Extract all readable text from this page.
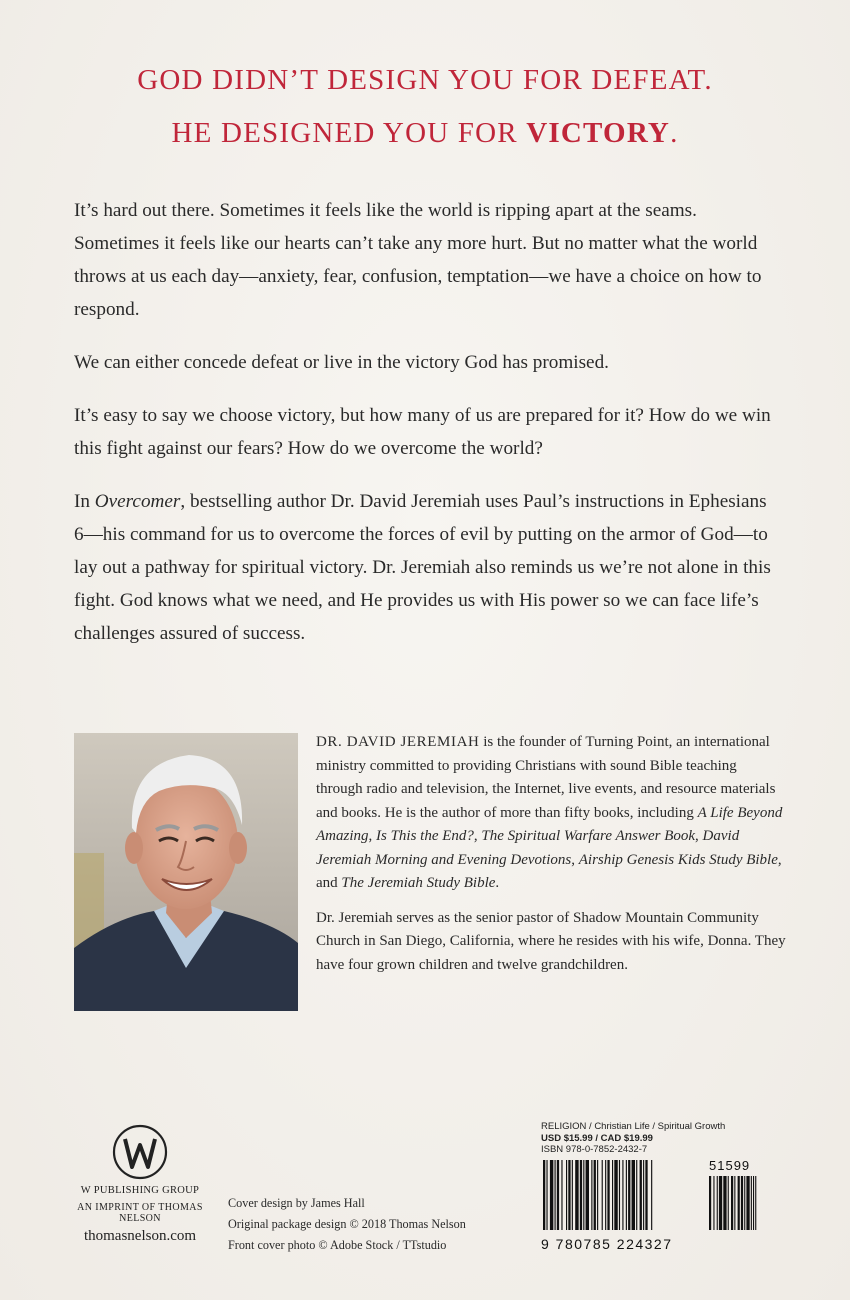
GOD DIDN’T DESIGN YOU FOR DEFEAT.
HE DESIGNED YOU FOR VICTORY.

It’s hard out there. Sometimes it feels like the world is ripping apart at the seams. Sometimes it feels like our hearts can’t take any more hurt. But no matter what the world throws at us each day—anxiety, fear, confusion, temptation—we have a choice on how to respond.

We can either concede defeat or live in the victory God has promised.

It’s easy to say we choose victory, but how many of us are prepared for it? How do we win this fight against our fears? How do we overcome the world?

In Overcomer, bestselling author Dr. David Jeremiah uses Paul’s instructions in Ephesians 6—his command for us to overcome the forces of evil by putting on the armor of God—to lay out a pathway for spiritual victory. Dr. Jeremiah also reminds us we’re not alone in this fight. God knows what we need, and He provides us with His power so we can face life’s challenges assured of success.

DR. DAVID JEREMIAH is the founder of Turning Point, an international ministry committed to providing Christians with sound Bible teaching through radio and television, the Internet, live events, and resource materials and books. He is the author of more than fifty books, including A Life Beyond Amazing, Is This the End?, The Spiritual Warfare Answer Book, David Jeremiah Morning and Evening Devotions, Airship Genesis Kids Study Bible, and The Jeremiah Study Bible.

Dr. Jeremiah serves as the senior pastor of Shadow Mountain Community Church in San Diego, California, where he resides with his wife, Donna. They have four grown children and twelve grandchildren.

W PUBLISHING GROUP
AN IMPRINT OF THOMAS NELSON
thomasnelson.com
Cover design by James Hall
Original package design © 2018 Thomas Nelson
Front cover photo © Adobe Stock / TTstudio
RELIGION / Christian Life / Spiritual Growth
USD $15.99 / CAD $19.99
ISBN 978-0-7852-2432-7
51599
9 780785 224327
